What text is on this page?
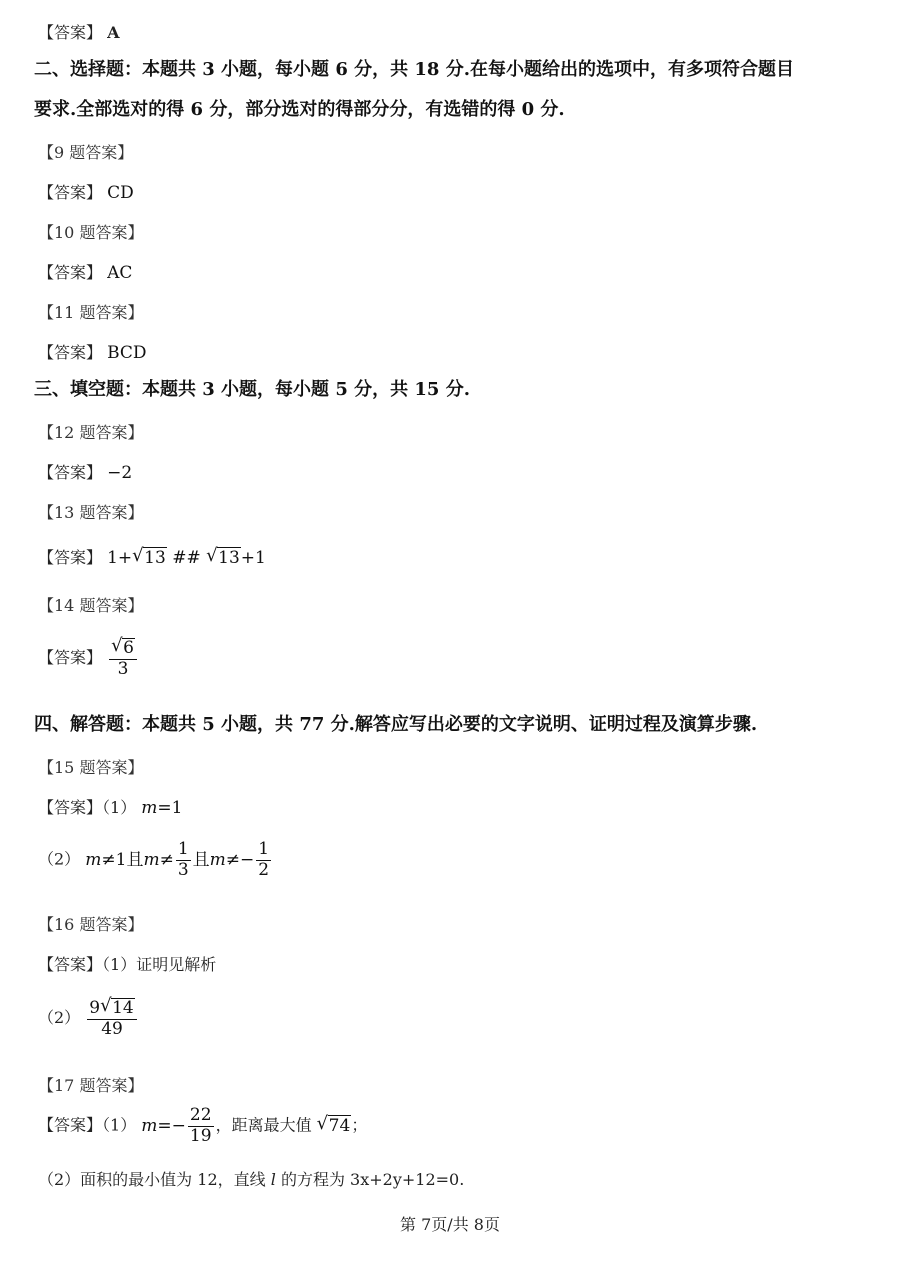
【答案】 A
二、选择题：本题共 3 小题，每小题 6 分，共 18 分.在每小题给出的选项中，有多项符合题目
要求.全部选对的得 6 分，部分选对的得部分分，有选错的得 0 分.
【9 题答案】
【答案】 CD
【10 题答案】
【答案】 AC
【11 题答案】
【答案】 BCD
三、填空题：本题共 3 小题，每小题 5 分，共 15 分.
【12 题答案】
【答案】 −2
【13 题答案】
【答案】 1+ √ 13 ## √ 13+1
【14 题答案】
【答案】 $\frac{√ 6}{3}$
四、解答题：本题共 5 小题，共 77 分.解答应写出必要的文字说明、证明过程及演算步骤.
【15 题答案】
【答案】（1） m=1
（2） m≠1且$m\ne \frac{1}{3}$ 且$m\ne- \frac{1}{2}$
【16 题答案】
【答案】（1）证明见解析
$(2) \frac{9 √ 14}{49}$
【17 题答案】
【答案】（1） $m=- \frac{22}{19}$ ，距离最大值 √ 74；
（2）面积的最小值为 12，直线 l 的方程为 3x+2y+12=0.
第 7页/共 8页
